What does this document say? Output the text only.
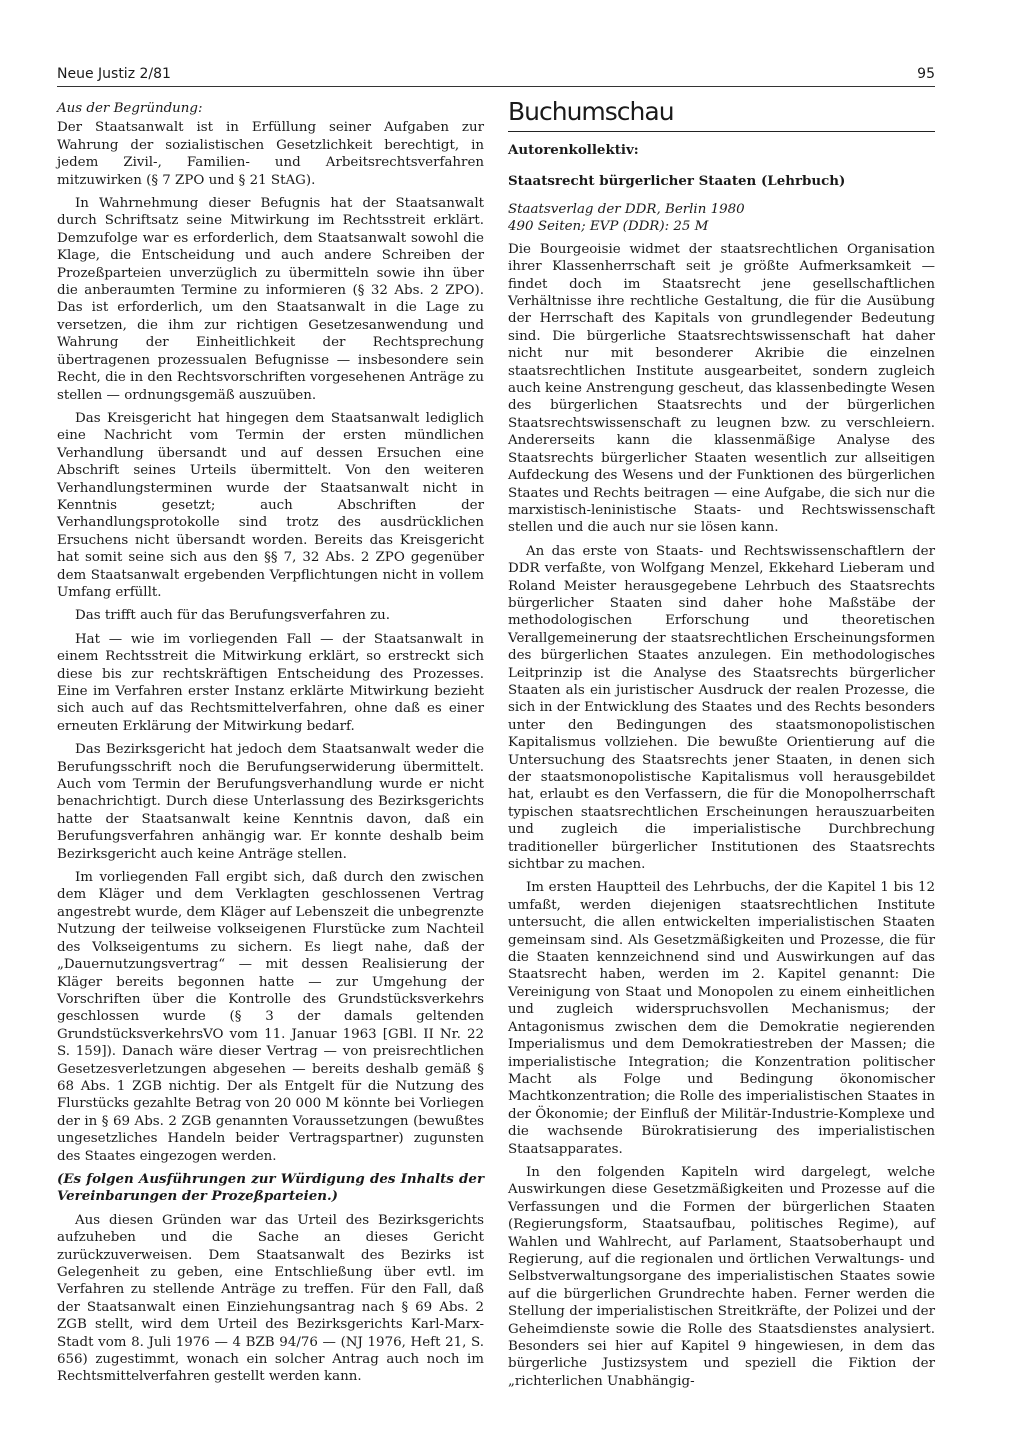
Neue Justiz 2/81	95
Aus der Begründung:

Der Staatsanwalt ist in Erfüllung seiner Aufgaben zur Wahrung der sozialistischen Gesetzlichkeit berechtigt, in jedem Zivil-, Familien- und Arbeitsrechtsverfahren mitzuwirken (§ 7 ZPO und § 21 StAG).

In Wahrnehmung dieser Befugnis hat der Staatsanwalt durch Schriftsatz seine Mitwirkung im Rechtsstreit erklärt. Demzufolge war es erforderlich, dem Staatsanwalt sowohl die Klage, die Entscheidung und auch andere Schreiben der Prozeßparteien unverzüglich zu übermitteln sowie ihn über die anberaumten Termine zu informieren (§ 32 Abs. 2 ZPO). Das ist erforderlich, um den Staatsanwalt in die Lage zu versetzen, die ihm zur richtigen Gesetzesanwendung und Wahrung der Einheitlichkeit der Rechtsprechung übertragenen prozessualen Befugnisse — insbesondere sein Recht, die in den Rechtsvorschriften vorgesehenen Anträge zu stellen — ordnungsgemäß auszuüben.

Das Kreisgericht hat hingegen dem Staatsanwalt lediglich eine Nachricht vom Termin der ersten mündlichen Verhandlung übersandt und auf dessen Ersuchen eine Abschrift seines Urteils übermittelt. Von den weiteren Verhandlungsterminen wurde der Staatsanwalt nicht in Kenntnis gesetzt; auch Abschriften der Verhandlungsprotokolle sind trotz des ausdrücklichen Ersuchens nicht übersandt worden. Bereits das Kreisgericht hat somit seine sich aus den §§ 7, 32 Abs. 2 ZPO gegenüber dem Staatsanwalt ergebenden Verpflichtungen nicht in vollem Umfang erfüllt.

Das trifft auch für das Berufungsverfahren zu.

Hat — wie im vorliegenden Fall — der Staatsanwalt in einem Rechtsstreit die Mitwirkung erklärt, so erstreckt sich diese bis zur rechtskräftigen Entscheidung des Prozesses. Eine im Verfahren erster Instanz erklärte Mitwirkung bezieht sich auch auf das Rechtsmittelverfahren, ohne daß es einer erneuten Erklärung der Mitwirkung bedarf.

Das Bezirksgericht hat jedoch dem Staatsanwalt weder die Berufungsschrift noch die Berufungserwiderung übermittelt. Auch vom Termin der Berufungsverhandlung wurde er nicht benachrichtigt. Durch diese Unterlassung des Bezirksgerichts hatte der Staatsanwalt keine Kenntnis davon, daß ein Berufungsverfahren anhängig war. Er konnte deshalb beim Bezirksgericht auch keine Anträge stellen.

Im vorliegenden Fall ergibt sich, daß durch den zwischen dem Kläger und dem Verklagten geschlossenen Vertrag angestrebt wurde, dem Kläger auf Lebenszeit die unbegrenzte Nutzung der teilweise volkseigenen Flurstücke zum Nachteil des Volkseigentums zu sichern. Es liegt nahe, daß der „Dauernutzungsvertrag“ — mit dessen Realisierung der Kläger bereits begonnen hatte — zur Umgehung der Vorschriften über die Kontrolle des Grundstücksverkehrs geschlossen wurde (§ 3 der damals geltenden GrundstücksverkehrsVO vom 11. Januar 1963 [GBl. II Nr. 22 S. 159]). Danach wäre dieser Vertrag — von preisrechtlichen Gesetzesverletzungen abgesehen — bereits deshalb gemäß § 68 Abs. 1 ZGB nichtig. Der als Entgelt für die Nutzung des Flurstücks gezahlte Betrag von 20 000 M könnte bei Vorliegen der in § 69 Abs. 2 ZGB genannten Voraussetzungen (bewußtes ungesetzliches Handeln beider Vertragspartner) zugunsten des Staates eingezogen werden.

(Es folgen Ausführungen zur Würdigung des Inhalts der Vereinbarungen der Prozeßparteien.)

Aus diesen Gründen war das Urteil des Bezirksgerichts aufzuheben und die Sache an dieses Gericht zurückzuverweisen. Dem Staatsanwalt des Bezirks ist Gelegenheit zu geben, eine Entschließung über evtl. im Verfahren zu stellende Anträge zu treffen. Für den Fall, daß der Staatsanwalt einen Einziehungsantrag nach § 69 Abs. 2 ZGB stellt, wird dem Urteil des Bezirksgerichts Karl-Marx-Stadt vom 8. Juli 1976 — 4 BZB 94/76 — (NJ 1976, Heft 21, S. 656) zugestimmt, wonach ein solcher Antrag auch noch im Rechtsmittelverfahren gestellt werden kann.

Buchumschau
Autorenkollektiv:
Staatsrecht bürgerlicher Staaten (Lehrbuch)
Staatsverlag der DDR, Berlin 1980
490 Seiten; EVP (DDR): 25 M

Die Bourgeoisie widmet der staatsrechtlichen Organisation ihrer Klassenherrschaft seit je größte Aufmerksamkeit — findet doch im Staatsrecht jene gesellschaftlichen Verhältnisse ihre rechtliche Gestaltung, die für die Ausübung der Herrschaft des Kapitals von grundlegender Bedeutung sind. Die bürgerliche Staatsrechtswissenschaft hat daher nicht nur mit besonderer Akribie die einzelnen staatsrechtlichen Institute ausgearbeitet, sondern zugleich auch keine Anstrengung gescheut, das klassenbedingte Wesen des bürgerlichen Staatsrechts und der bürgerlichen Staatsrechtswissenschaft zu leugnen bzw. zu verschleiern. Andererseits kann die klassenmäßige Analyse des Staatsrechts bürgerlicher Staaten wesentlich zur allseitigen Aufdeckung des Wesens und der Funktionen des bürgerlichen Staates und Rechts beitragen — eine Aufgabe, die sich nur die marxistisch-leninistische Staats- und Rechtswissenschaft stellen und die auch nur sie lösen kann.

An das erste von Staats- und Rechtswissenschaftlern der DDR verfaßte, von Wolfgang Menzel, Ekkehard Lieberam und Roland Meister herausgegebene Lehrbuch des Staatsrechts bürgerlicher Staaten sind daher hohe Maßstäbe der methodologischen Erforschung und theoretischen Verallgemeinerung der staatsrechtlichen Erscheinungsformen des bürgerlichen Staates anzulegen. Ein methodologisches Leitprinzip ist die Analyse des Staatsrechts bürgerlicher Staaten als ein juristischer Ausdruck der realen Prozesse, die sich in der Entwicklung des Staates und des Rechts besonders unter den Bedingungen des staatsmonopolistischen Kapitalismus vollziehen. Die bewußte Orientierung auf die Untersuchung des Staatsrechts jener Staaten, in denen sich der staatsmonopolistische Kapitalismus voll herausgebildet hat, erlaubt es den Verfassern, die für die Monopolherrschaft typischen staatsrechtlichen Erscheinungen herauszuarbeiten und zugleich die imperialistische Durchbrechung traditioneller bürgerlicher Institutionen des Staatsrechts sichtbar zu machen.

Im ersten Hauptteil des Lehrbuchs, der die Kapitel 1 bis 12 umfaßt, werden diejenigen staatsrechtlichen Institute untersucht, die allen entwickelten imperialistischen Staaten gemeinsam sind. Als Gesetzmäßigkeiten und Prozesse, die für die Staaten kennzeichnend sind und Auswirkungen auf das Staatsrecht haben, werden im 2. Kapitel genannt: Die Vereinigung von Staat und Monopolen zu einem einheitlichen und zugleich widerspruchsvollen Mechanismus; der Antagonismus zwischen dem die Demokratie negierenden Imperialismus und dem Demokratiestreben der Massen; die imperialistische Integration; die Konzentration politischer Macht als Folge und Bedingung ökonomischer Machtkonzentration; die Rolle des imperialistischen Staates in der Ökonomie; der Einfluß der Militär-Industrie-Komplexe und die wachsende Bürokratisierung des imperialistischen Staatsapparates.

In den folgenden Kapiteln wird dargelegt, welche Auswirkungen diese Gesetzmäßigkeiten und Prozesse auf die Verfassungen und die Formen der bürgerlichen Staaten (Regierungsform, Staatsaufbau, politisches Regime), auf Wahlen und Wahlrecht, auf Parlament, Staatsoberhaupt und Regierung, auf die regionalen und örtlichen Verwaltungs- und Selbstverwaltungsorgane des imperialistischen Staates sowie auf die bürgerlichen Grundrechte haben. Ferner werden die Stellung der imperialistischen Streitkräfte, der Polizei und der Geheimdienste sowie die Rolle des Staatsdienstes analysiert. Besonders sei hier auf Kapitel 9 hingewiesen, in dem das bürgerliche Justizsystem und speziell die Fiktion der „richterlichen Unabhängig-
